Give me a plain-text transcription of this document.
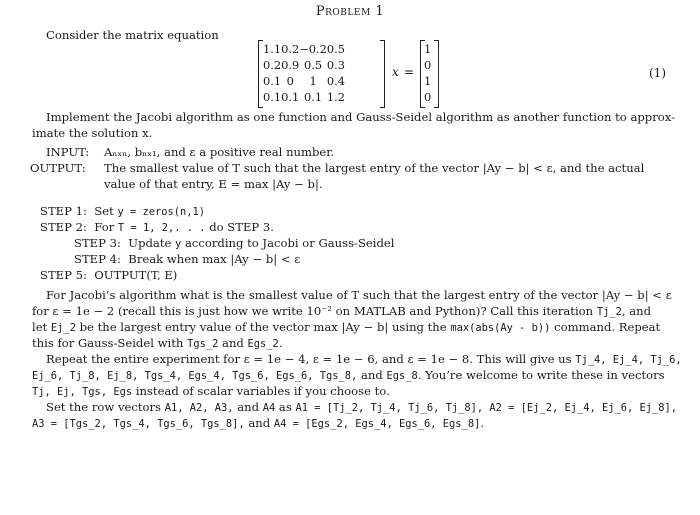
Problem 1
Consider the matrix equation
1.1	0.2	−0.2	0.5
0.2	0.9	0.5	0.3
0.1	0	1	0.4
0.1	0.1	0.1	1.2
x =
1
0
1
0
(1)
Implement the Jacobi algorithm as one function and Gauss-Seidel algorithm as another function to approx-
imate the solution x.
INPUT: Aₙₓₙ, bₙₓ₁, and ε a positive real number.
OUTPUT: The smallest value of T such that the largest entry of the vector |Ay − b| < ε, and the actual
value of that entry, E = max |Ay − b|.
STEP 1: Set y = zeros(n,1)
STEP 2: For T = 1, 2,. . . do STEP 3.
STEP 3: Update y according to Jacobi or Gauss-Seidel
STEP 4: Break when max |Ay − b| < ε
STEP 5: OUTPUT(T, E)
For Jacobi’s algorithm what is the smallest value of T such that the largest entry of the vector |Ay − b| < ε
for ε = 1e − 2 (recall this is just how we write 10⁻² on MATLAB and Python)? Call this iteration Tj_2, and
let Ej_2 be the largest entry value of the vector max |Ay − b| using the max(abs(Ay - b)) command. Repeat
this for Gauss-Seidel with Tgs_2 and Egs_2.
Repeat the entire experiment for ε = 1e − 4, ε = 1e − 6, and ε = 1e − 8. This will give us Tj_4, Ej_4, Tj_6,
Ej_6, Tj_8, Ej_8, Tgs_4, Egs_4, Tgs_6, Egs_6, Tgs_8, and Egs_8. You’re welcome to write these in vectors
Tj, Ej, Tgs, Egs instead of scalar variables if you choose to.
Set the row vectors A1, A2, A3, and A4 as A1 = [Tj_2, Tj_4, Tj_6, Tj_8], A2 = [Ej_2, Ej_4, Ej_6, Ej_8],
A3 = [Tgs_2, Tgs_4, Tgs_6, Tgs_8], and A4 = [Egs_2, Egs_4, Egs_6, Egs_8].
